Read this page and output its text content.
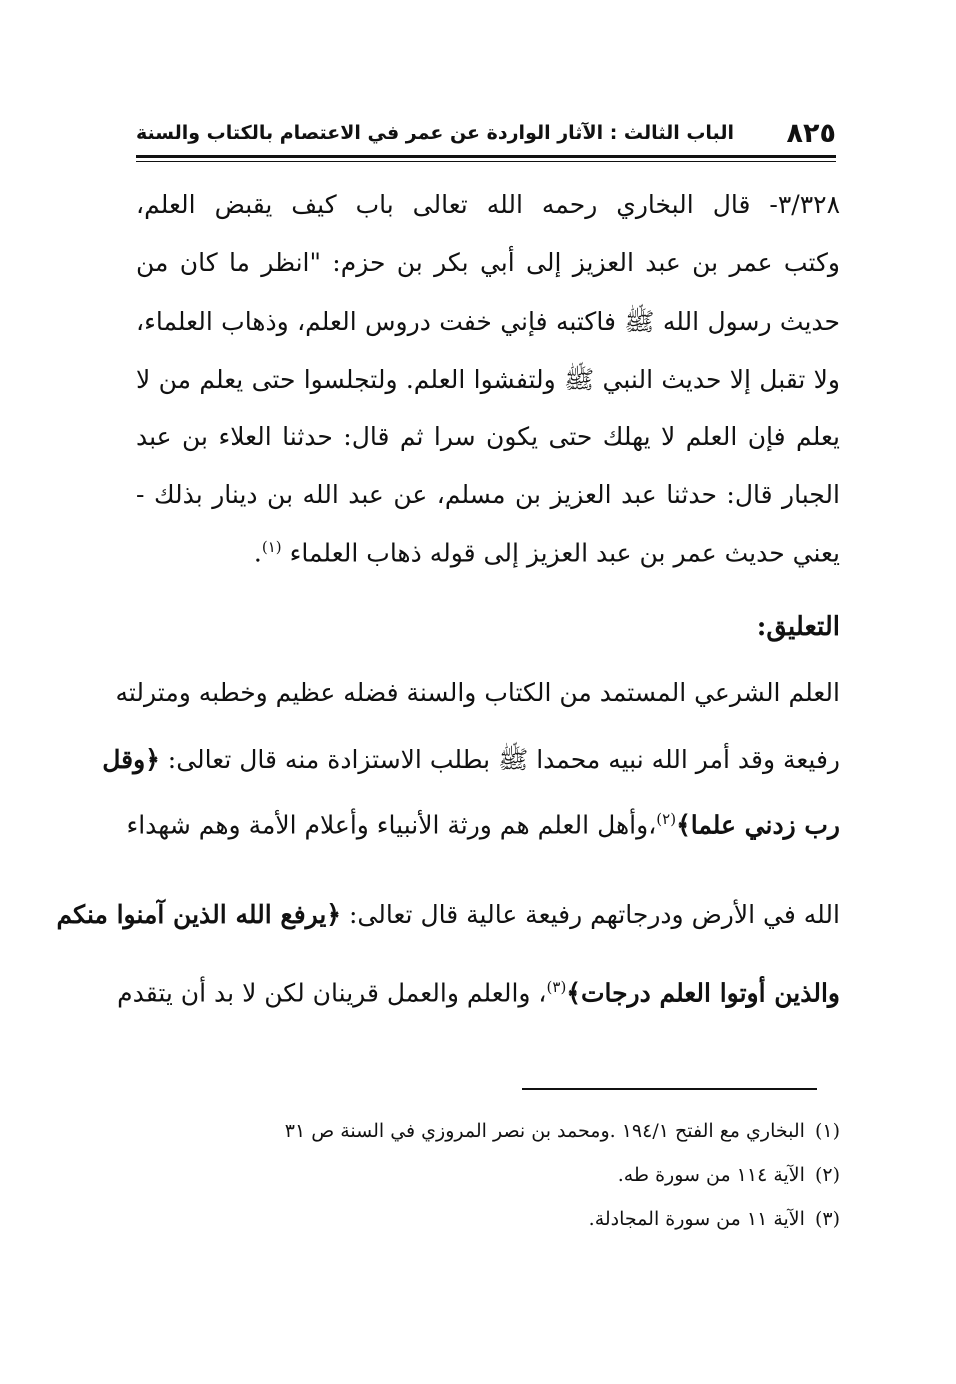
٨٢٥
الباب الثالث : الآثار الواردة عن عمر في الاعتصام بالكتاب والسنة
٣/٣٢٨- قال البخاري رحمه الله تعالى باب كيف يقبض العلم،
وكتب عمر بن عبد العزيز إلى أبي بكر بن حزم: "انظر ما كان من
حديث رسول الله ﷺ فاكتبه فإني خفت دروس العلم، وذهاب العلماء،
ولا تقبل إلا حديث النبي ﷺ ولتفشوا العلم. ولتجلسوا حتى يعلم من لا
يعلم فإن العلم لا يهلك حتى يكون سرا ثم قال: حدثنا العلاء بن عبد
الجبار قال: حدثنا عبد العزيز بن مسلم، عن عبد الله بن دينار بذلك -
يعني حديث عمر بن عبد العزيز إلى قوله ذهاب العلماء $^{(١)}$.
التعليق:
العلم الشرعي المستمد من الكتاب والسنة فضله عظيم وخطبه ومترلته
رفيعة وقد أمر الله نبيه محمدا ﷺ بطلب الاستزادة منه قال تعالى: ﴿وقل
رب زدني علما﴾$^{(٢)}$،وأهل العلم هم ورثة الأنبياء وأعلام الأمة وهم شهداء
الله في الأرض ودرجاتهم رفيعة عالية قال تعالى: ﴿يرفع الله الذين آمنوا منكم
والذين أوتوا العلم درجات﴾$^{(٣)}$، والعلم والعمل قرينان لكن لا بد أن يتقدم
(١)البخاري مع الفتح ١٩٤/١ .ومحمد بن نصر المروزي في السنة ص ٣١
(٢)الآية ١١٤ من سورة طه.
(٣)الآية ١١ من سورة المجادلة.
